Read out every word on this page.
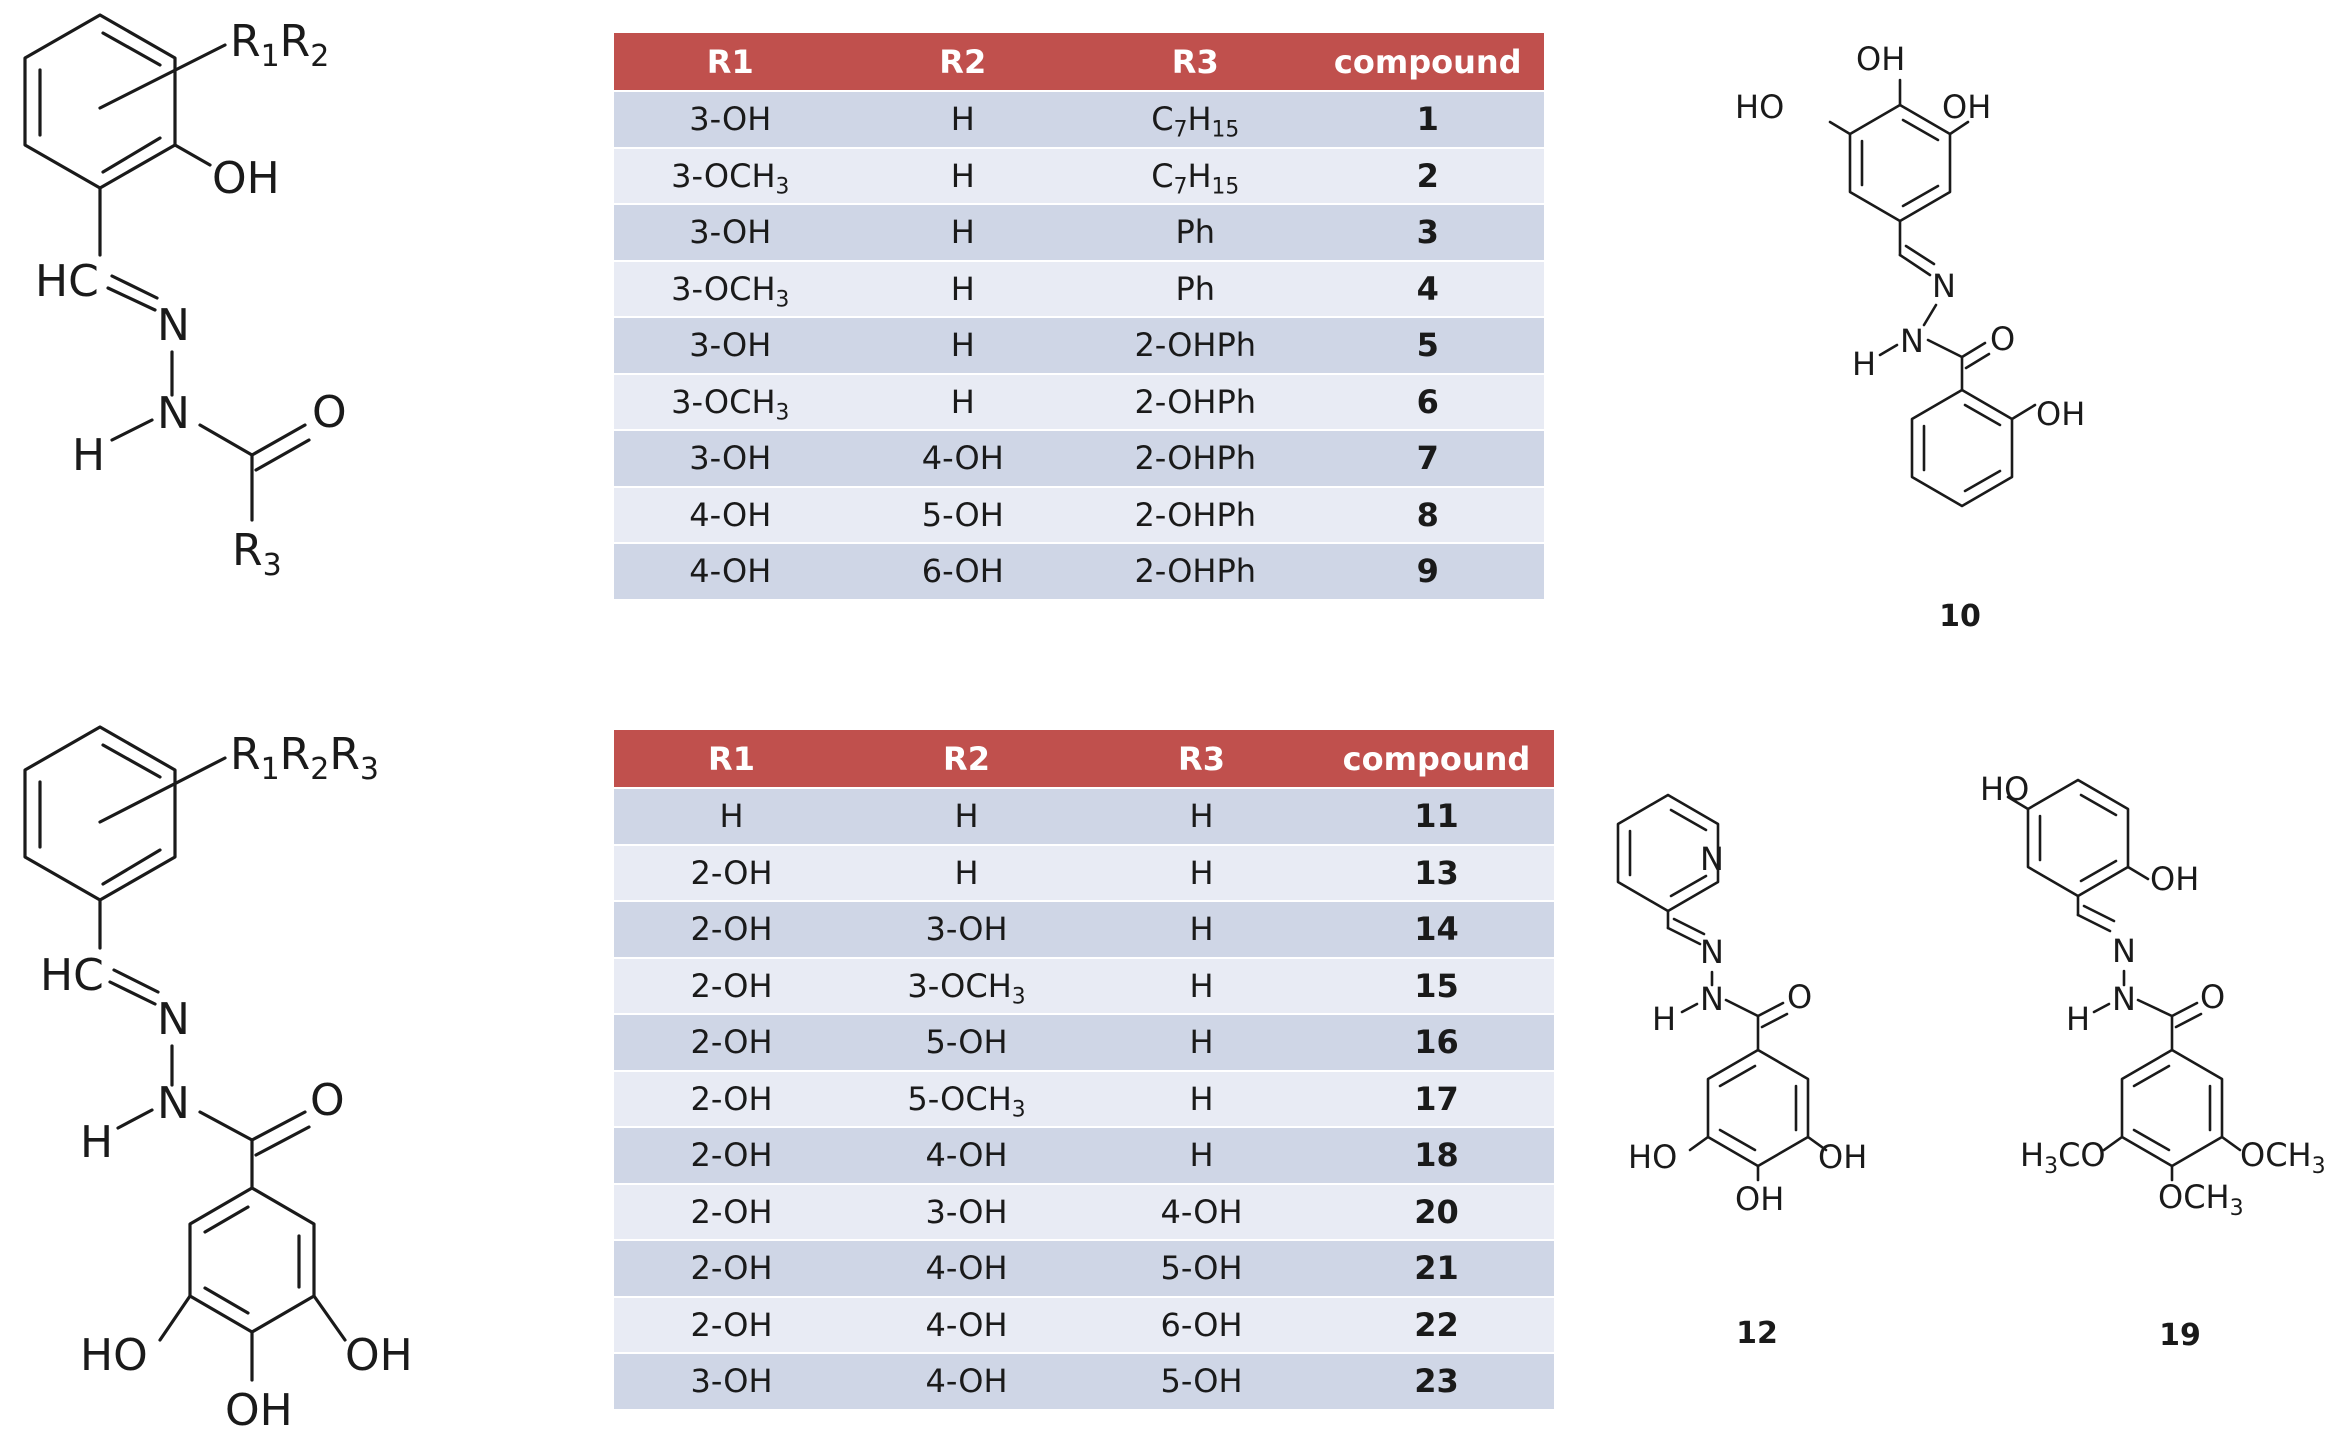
$R_1R_2$
OH
HC
N
N
H
O
$R_3$
$R_1R_2R_3$
HC
N
N
H
O
HO	OH
OH
OH
HO	OH
N
N
H
O
OH
10
N
N
N
H
O
HO	OH
OH
12
HO
OH
N
N
H
O
$H_3CO$	$OCH_3$
$OCH_3$
19
R1	R2	R3	compound
3-OH	H	$C_7H_{15}$	1
$3-OCH_3$	H	$C_7H_{15}$	2
3-OH	H	Ph	3
$3-OCH_3$	H	Ph	4
3-OH	H	2-OHPh	5
$3-OCH_3$	H	2-OHPh	6
3-OH	4-OH	2-OHPh	7
4-OH	5-OH	2-OHPh	8
4-OH	6-OH	2-OHPh	9
R1	R2	R3	compound
H	H	H	11
2-OH	H	H	13
2-OH	3-OH	H	14
2-OH	$3-OCH_3$	H	15
2-OH	5-OH	H	16
2-OH	$5-OCH_3$	H	17
2-OH	4-OH	H	18
2-OH	3-OH	4-OH	20
2-OH	4-OH	5-OH	21
2-OH	4-OH	6-OH	22
3-OH	4-OH	5-OH	23
